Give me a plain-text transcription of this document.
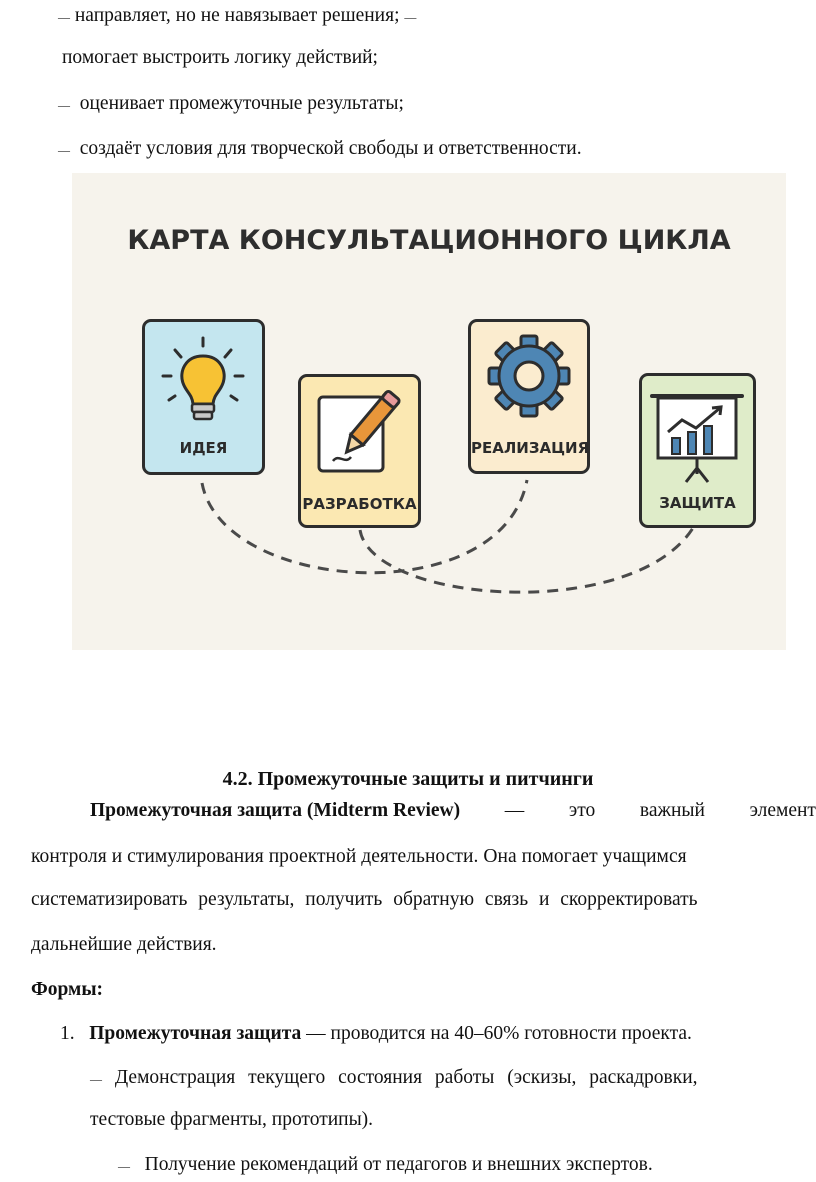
— направляет, но не навязывает решения; —
помогает выстроить логику действий;
— оценивает промежуточные результаты;
— создаёт условия для творческой свободы и ответственности.
КАРТА КОНСУЛЬТАЦИОННОГО ЦИКЛА
ИДЕЯ
РАЗРАБОТКА
РЕАЛИЗАЦИЯ
ЗАЩИТА
4.2. Промежуточные защиты и питчинги
Промежуточная защита (Midterm Review) — это важный элемент
контроля и стимулирования проектной деятельности. Она помогает учащимся
систематизировать результаты, получить обратную связь и скорректировать
дальнейшие действия.
Формы:
1. Промежуточная защита — проводится на 40–60% готовности проекта.
— Демонстрация текущего состояния работы (эскизы, раскадровки,
тестовые фрагменты, прототипы).
— Получение рекомендаций от педагогов и внешних экспертов.
